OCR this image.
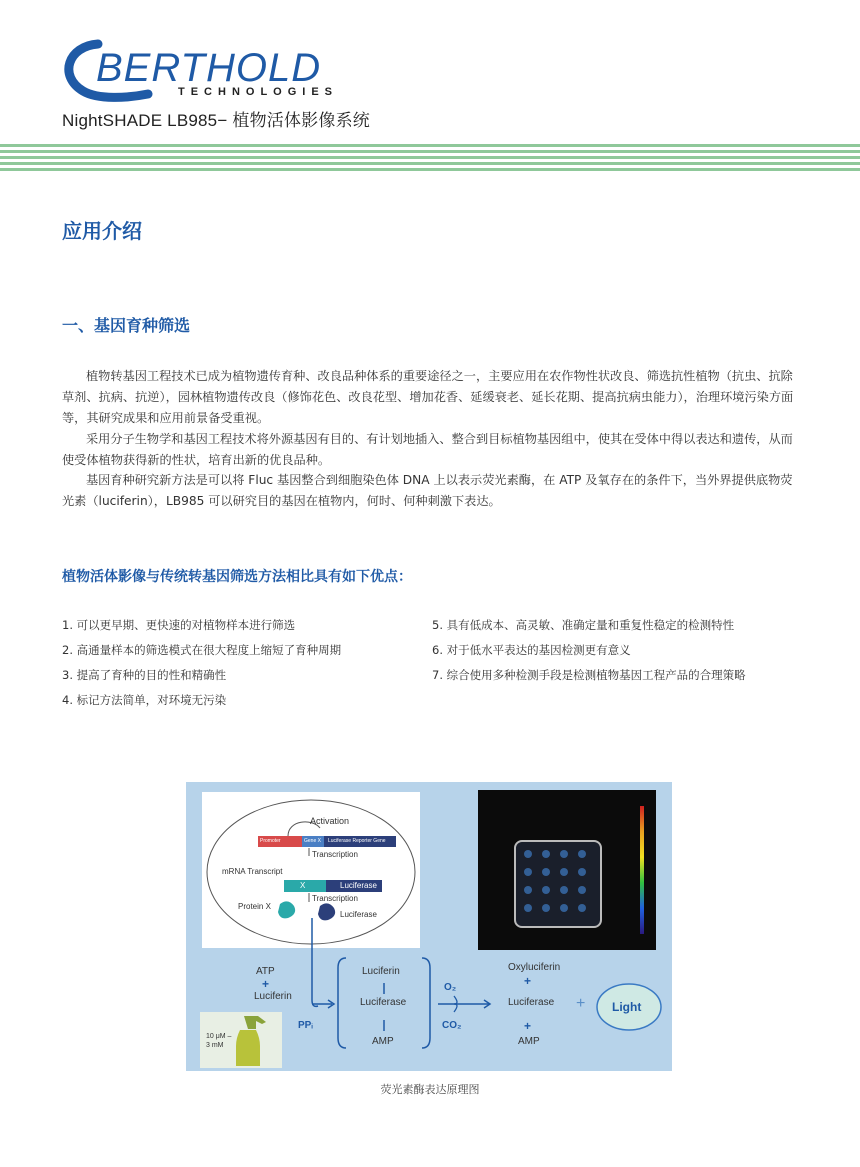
BERTHOLD
TECHNOLOGIES
NightSHADE LB985− 植物活体影像系统
应用介绍
一、基因育种筛选

植物转基因工程技术已成为植物遗传育种、改良品种体系的重要途径之一，主要应用在农作物性状改良、筛选抗性植物（抗虫、抗除草剂、抗病、抗逆），园林植物遗传改良（修饰花色、改良花型、增加花香、延缓衰老、延长花期、提高抗病虫能力），治理环境污染方面等，其研究成果和应用前景备受重视。

采用分子生物学和基因工程技术将外源基因有目的、有计划地插入、整合到目标植物基因组中，使其在受体中得以表达和遗传，从而使受体植物获得新的性状，培育出新的优良品种。

基因育种研究新方法是可以将 Fluc 基因整合到细胞染色体 DNA 上以表示荧光素酶，在 ATP 及氧存在的条件下，当外界提供底物荧光素（luciferin），LB985 可以研究目的基因在植物内，何时、何种刺激下表达。

植物活体影像与传统转基因筛选方法相比具有如下优点：
1. 可以更早期、更快速的对植物样本进行筛选
2. 高通量样本的筛选模式在很大程度上缩短了育种周期
3. 提高了育种的目的性和精确性
4. 标记方法简单，对环境无污染
5. 具有低成本、高灵敏、准确定量和重复性稳定的检测特性
6. 对于低水平表达的基因检测更有意义
7. 综合使用多种检测手段是检测植物基因工程产品的合理策略
Activation
Promoter	Gene X Luciferase Reporter Gene
Transcription
mRNA Transcript
X	Luciferase
Transcription
Protein X
Luciferase
ATP
+
Luciferin
PPᵢ
Luciferin
Luciferase
AMP
O₂
CO₂
Oxyluciferin
+
Luciferase
+
AMP
+ Light
10 μM – 3 mM
荧光素酶表达原理图
